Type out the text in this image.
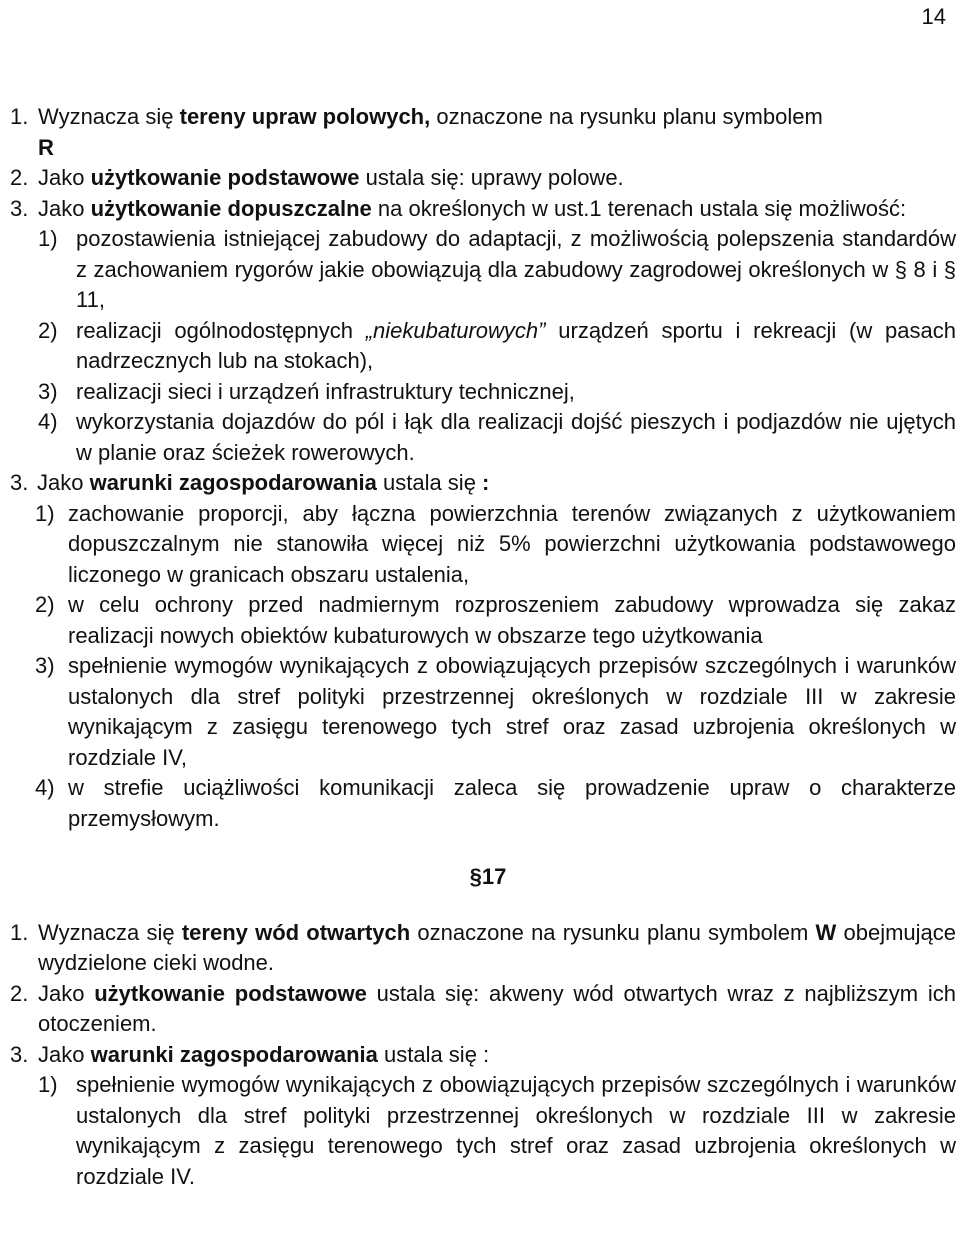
14
1. Wyznacza się tereny upraw polowych, oznaczone na rysunku planu symbolem
R
2. Jako użytkowanie podstawowe ustala się: uprawy polowe.
3. Jako użytkowanie dopuszczalne na określonych w ust.1 terenach ustala się możliwość:
1) pozostawienia istniejącej zabudowy do adaptacji, z możliwością polepszenia standardów z zachowaniem rygorów jakie obowiązują dla zabudowy zagrodowej określonych w § 8 i § 11,
2) realizacji ogólnodostępnych „niekubaturowych” urządzeń sportu i rekreacji (w pasach nadrzecznych lub na stokach),
3) realizacji sieci i urządzeń infrastruktury technicznej,
4) wykorzystania dojazdów do pól i łąk dla realizacji dojść pieszych i podjazdów nie ujętych w planie oraz ścieżek rowerowych.
3. Jako warunki zagospodarowania ustala się :
1) zachowanie proporcji, aby łączna powierzchnia terenów związanych z użytkowaniem dopuszczalnym nie stanowiła więcej niż 5% powierzchni użytkowania podstawowego liczonego w granicach obszaru ustalenia,
2) w celu ochrony przed nadmiernym rozproszeniem zabudowy wprowadza się zakaz realizacji nowych obiektów kubaturowych w obszarze tego użytkowania
3) spełnienie wymogów wynikających z obowiązujących przepisów szczególnych i warunków ustalonych dla stref polityki przestrzennej określonych w rozdziale III w zakresie wynikającym z zasięgu terenowego tych stref oraz zasad uzbrojenia określonych w rozdziale IV,
4) w strefie uciążliwości komunikacji zaleca się prowadzenie upraw o charakterze przemysłowym.

§17

1. Wyznacza się tereny wód otwartych oznaczone na rysunku planu symbolem W obejmujące wydzielone cieki wodne.
2. Jako użytkowanie podstawowe ustala się: akweny wód otwartych wraz z najbliższym ich otoczeniem.
3. Jako warunki zagospodarowania ustala się :
1) spełnienie wymogów wynikających z obowiązujących przepisów szczególnych i warunków ustalonych dla stref polityki przestrzennej określonych w rozdziale III w zakresie wynikającym z zasięgu terenowego tych stref oraz zasad uzbrojenia określonych w rozdziale IV.
